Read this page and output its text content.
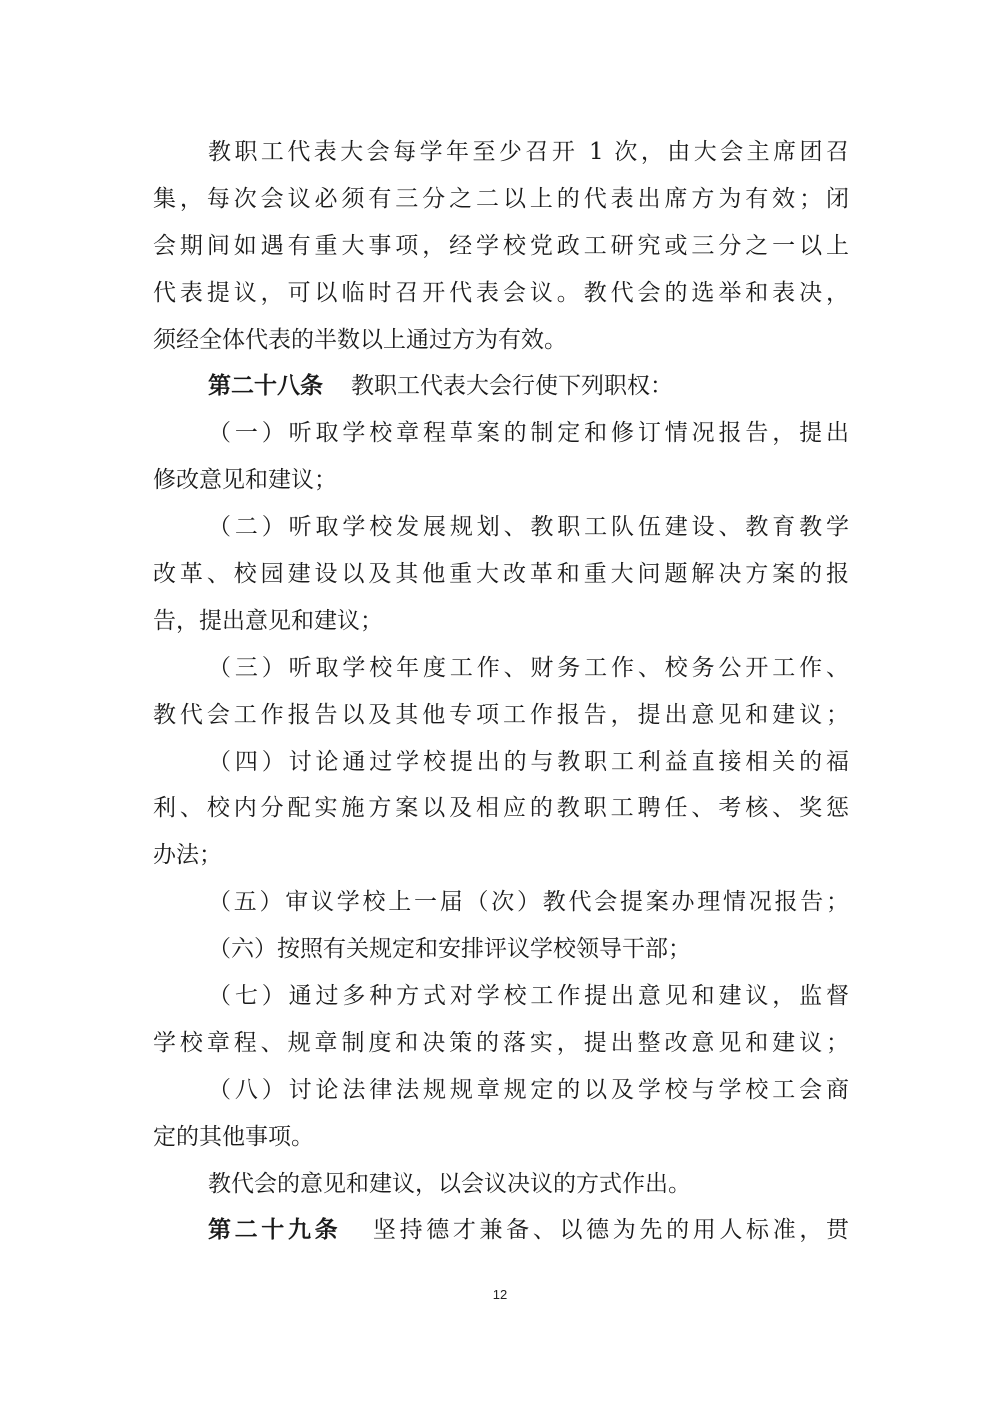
教职工代表大会每学年至少召开 1 次，由大会主席团召
集，每次会议必须有三分之二以上的代表出席方为有效；闭
会期间如遇有重大事项，经学校党政工研究或三分之一以上
代表提议，可以临时召开代表会议。教代会的选举和表决，
须经全体代表的半数以上通过方为有效。
第二十八条 教职工代表大会行使下列职权：
（一）听取学校章程草案的制定和修订情况报告，提出
修改意见和建议；
（二）听取学校发展规划、教职工队伍建设、教育教学
改革、校园建设以及其他重大改革和重大问题解决方案的报
告，提出意见和建议；
（三）听取学校年度工作、财务工作、校务公开工作、
教代会工作报告以及其他专项工作报告，提出意见和建议；
（四）讨论通过学校提出的与教职工利益直接相关的福
利、校内分配实施方案以及相应的教职工聘任、考核、奖惩
办法；
（五）审议学校上一届（次）教代会提案办理情况报告；
（六）按照有关规定和安排评议学校领导干部；
（七）通过多种方式对学校工作提出意见和建议，监督
学校章程、规章制度和决策的落实，提出整改意见和建议；
（八）讨论法律法规规章规定的以及学校与学校工会商
定的其他事项。
教代会的意见和建议，以会议决议的方式作出。
第二十九条 坚持德才兼备、以德为先的用人标准，贯
12
